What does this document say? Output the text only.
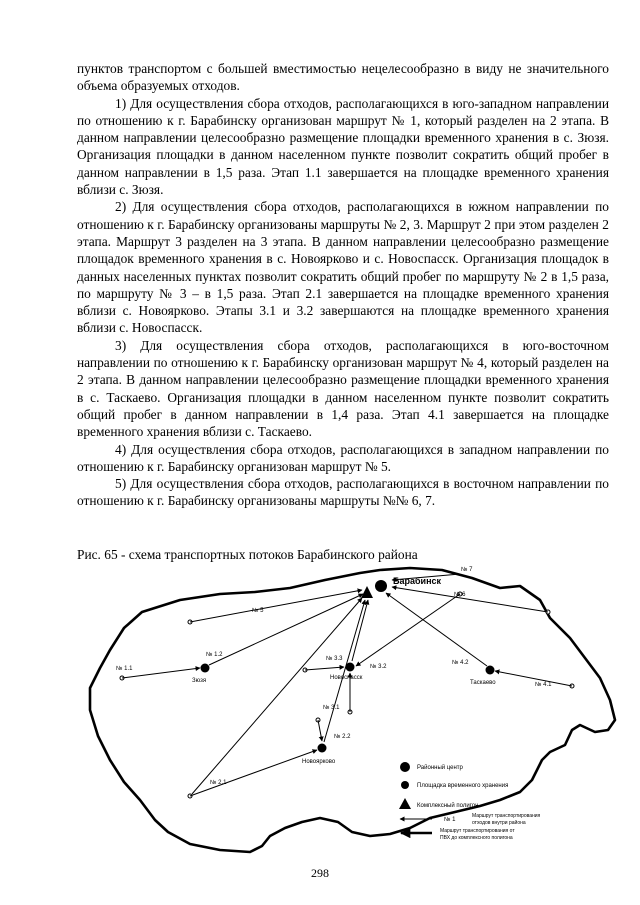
пунктов транспортом с большей вместимостью нецелесообразно в виду не значительного объема образуемых отходов.

1) Для осуществления сбора отходов, располагающихся в юго-западном направлении по отношению к г. Барабинску организован маршрут № 1, который разделен на 2 этапа. В данном направлении целесообразно размещение площадки временного хранения в с. Зюзя. Организация площадки в данном населенном пункте позволит сократить общий пробег в данном направлении в 1,5 раза. Этап 1.1 завершается на площадке временного хранения вблизи с. Зюзя.

2) Для осуществления сбора отходов, располагающихся в южном направлении по отношению к г. Барабинску организованы маршруты № 2, 3. Маршрут 2 при этом разделен 2 этапа. Маршрут 3 разделен на 3 этапа. В данном направлении целесообразно размещение площадок временного хранения в с. Новоярково и с. Новоспасск. Организация площадок в данных населенных пунктах позволит сократить общий пробег по маршруту № 2 в 1,5 раза, по маршруту № 3 – в 1,5 раза. Этап 2.1 завершается на площадке временного хранения вблизи с. Новоярково. Этапы 3.1 и 3.2 завершаются на площадке временного хранения вблизи с. Новоспасск.

3) Для осуществления сбора отходов, располагающихся в юго-восточном направлении по отношению к г. Барабинску организован маршрут № 4, который разделен на 2 этапа. В данном направлении целесообразно размещение площадки временного хранения в с. Таскаево. Организация площадки в данном населенном пункте позволит сократить общий пробег в данном направлении в 1,4 раза. Этап 4.1 завершается на площадке временного хранения вблизи с. Таскаево.

4) Для осуществления сбора отходов, располагающихся в западном направлении по отношению к г. Барабинску организован маршрут № 5.

5) Для осуществления сбора отходов, располагающихся в восточном направлении по отношению к г. Барабинску организованы маршруты №№ 6, 7.

Рис. 65 - схема транспортных потоков Барабинского района
Барабинск
Зюзя	Новоспасск
Таскаево
Новоярково
№ 7
№ 6
№ 5
№ 1.1
№ 1.2
№ 3.3
№ 3.2
№ 3.1
№ 4.2
№ 4.1
№ 2.2
№ 2.1
Районный центр
Площадка временного хранения
Комплексный полигон
№ 1
Маршрут транспортирования
отходов внутри района
Маршрут транспортирования от
ПВХ до комплексного полигона
298
